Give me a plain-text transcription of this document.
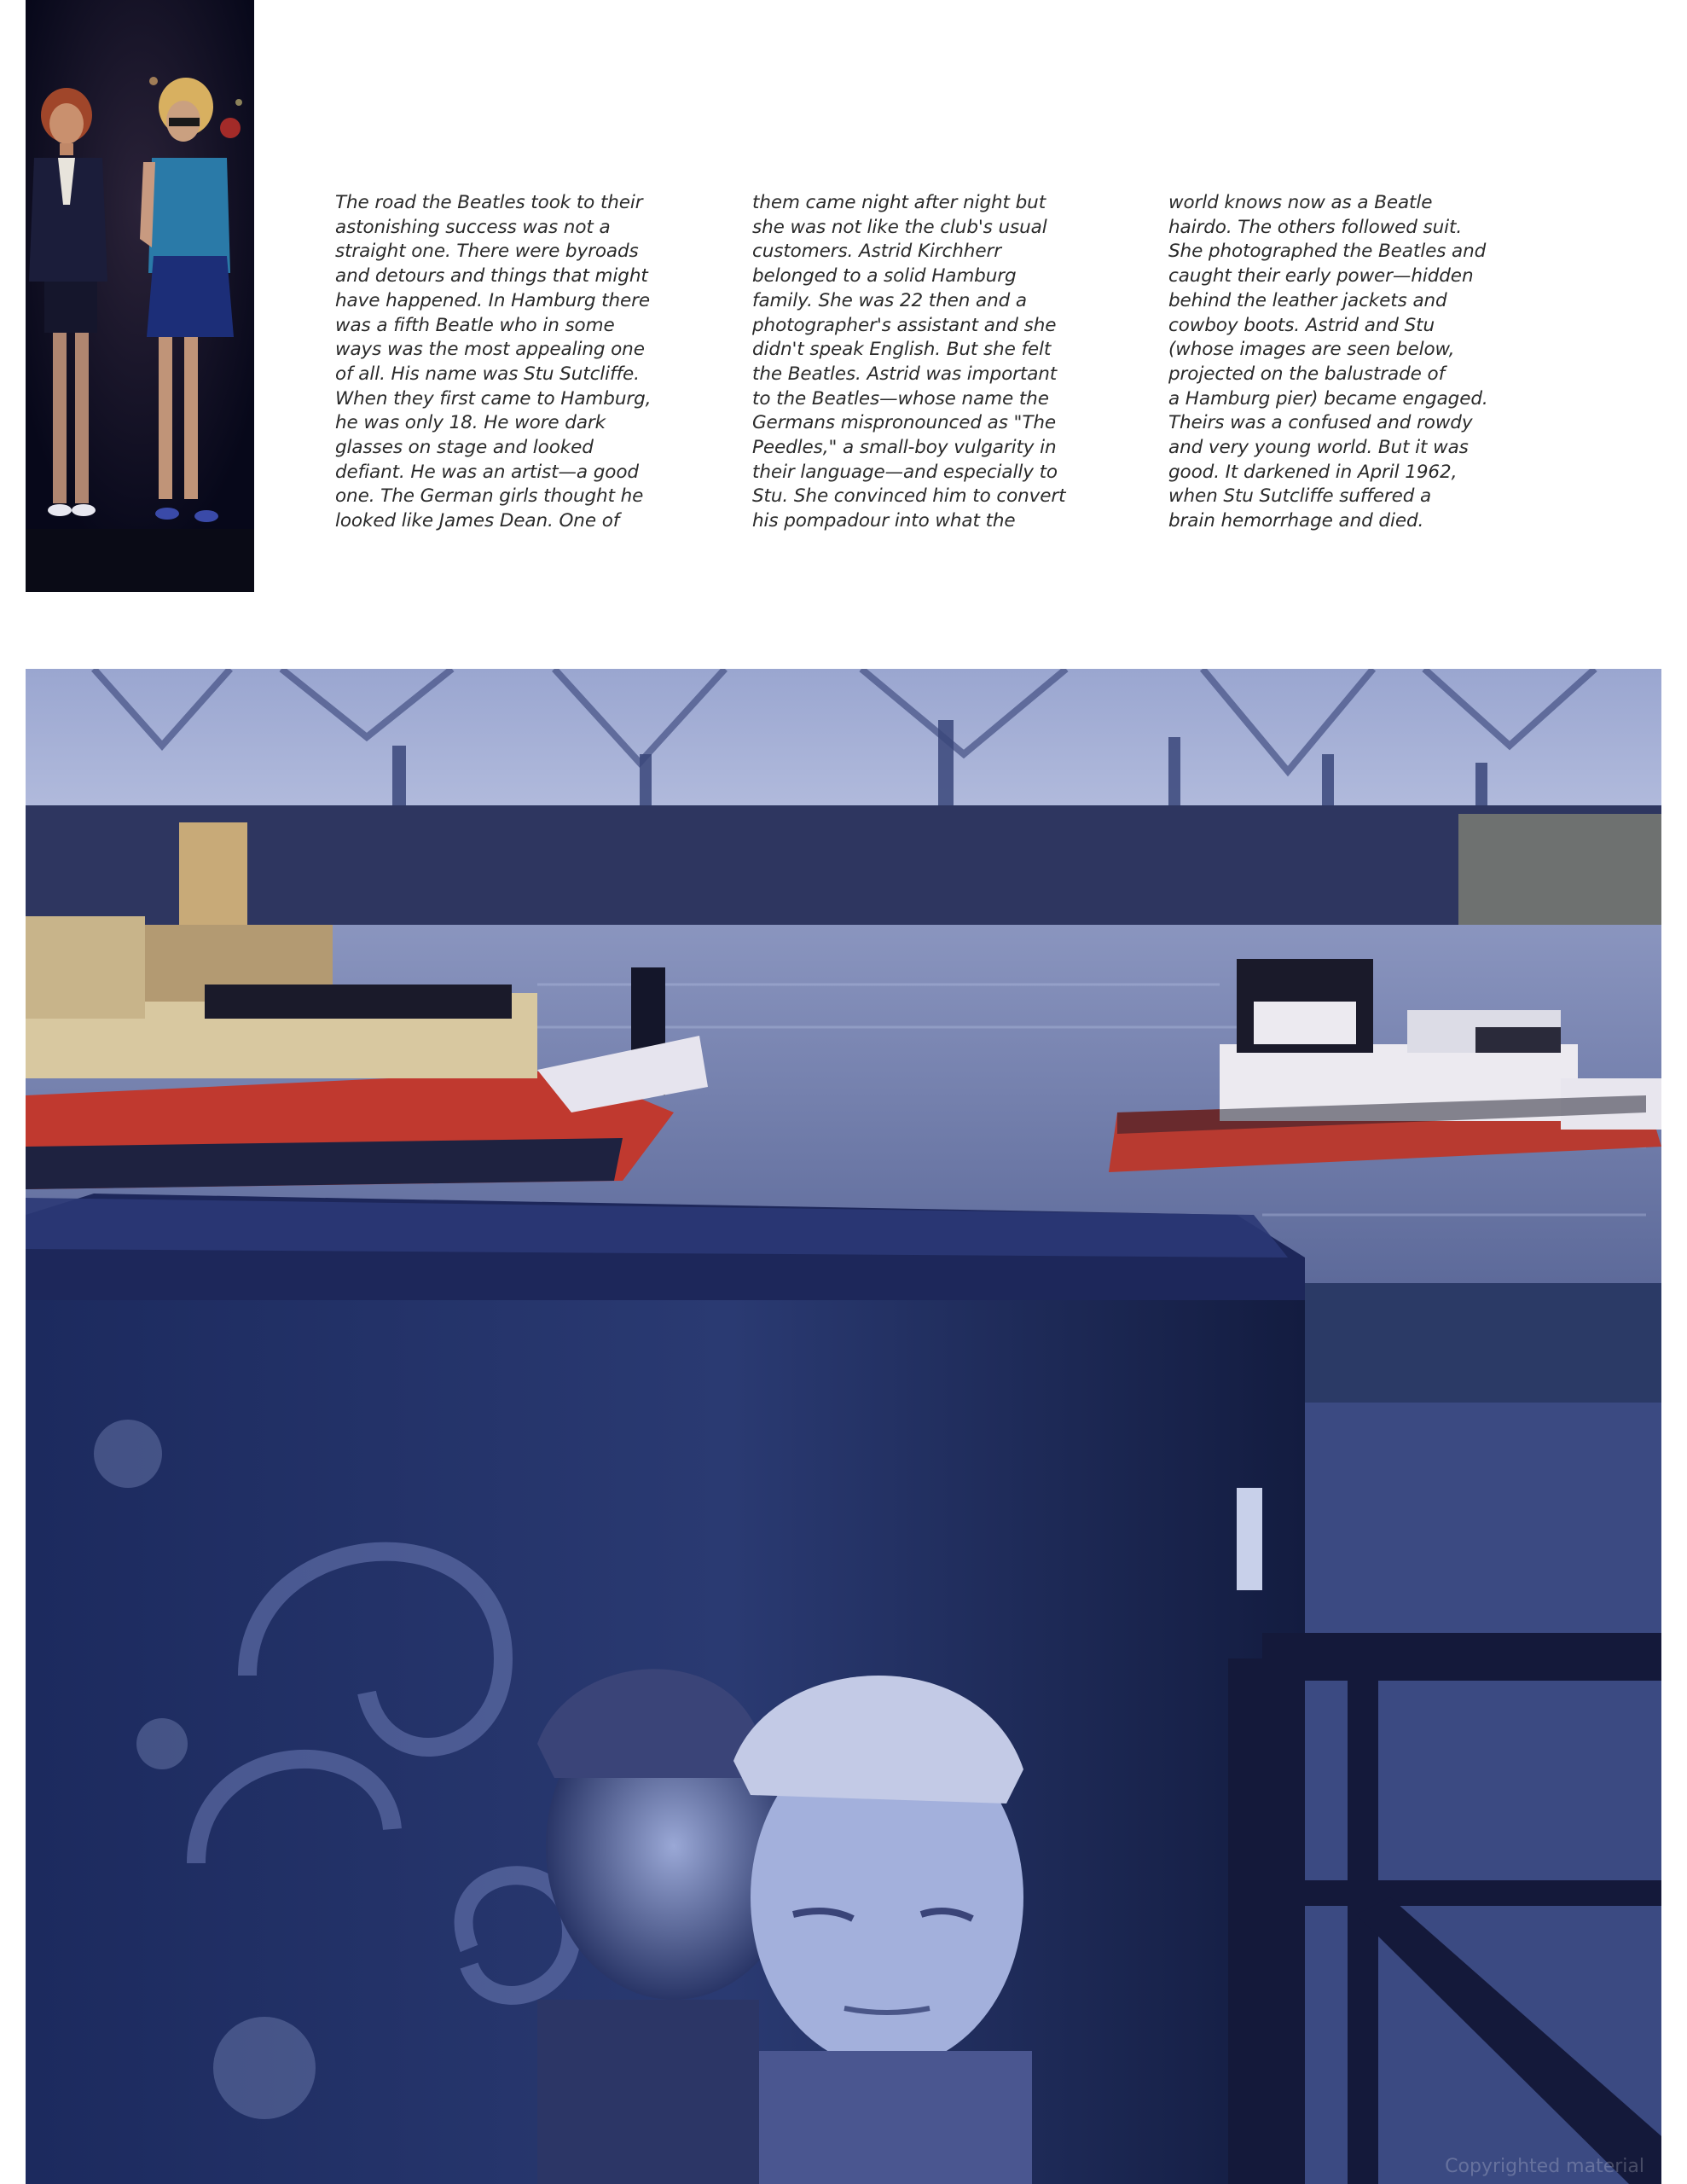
The road the Beatles took to their
astonishing success was not a
straight one. There were byroads
and detours and things that might
have happened. In Hamburg there
was a fifth Beatle who in some
ways was the most appealing one
of all. His name was Stu Sutcliffe.
When they first came to Hamburg,
he was only 18. He wore dark
glasses on stage and looked
defiant. He was an artist—a good
one. The German girls thought he
looked like James Dean. One of
them came night after night but
she was not like the club's usual
customers. Astrid Kirchherr
belonged to a solid Hamburg
family. She was 22 then and a
photographer's assistant and she
didn't speak English. But she felt
the Beatles. Astrid was important
to the Beatles—whose name the
Germans mispronounced as "The
Peedles," a small-boy vulgarity in
their language—and especially to
Stu. She convinced him to convert
his pompadour into what the
world knows now as a Beatle
hairdo. The others followed suit.
She photographed the Beatles and
caught their early power—hidden
behind the leather jackets and
cowboy boots. Astrid and Stu
(whose images are seen below,
projected on the balustrade of
a Hamburg pier) became engaged.
Theirs was a confused and rowdy
and very young world. But it was
good. It darkened in April 1962,
when Stu Sutcliffe suffered a
brain hemorrhage and died.
Copyrighted material
